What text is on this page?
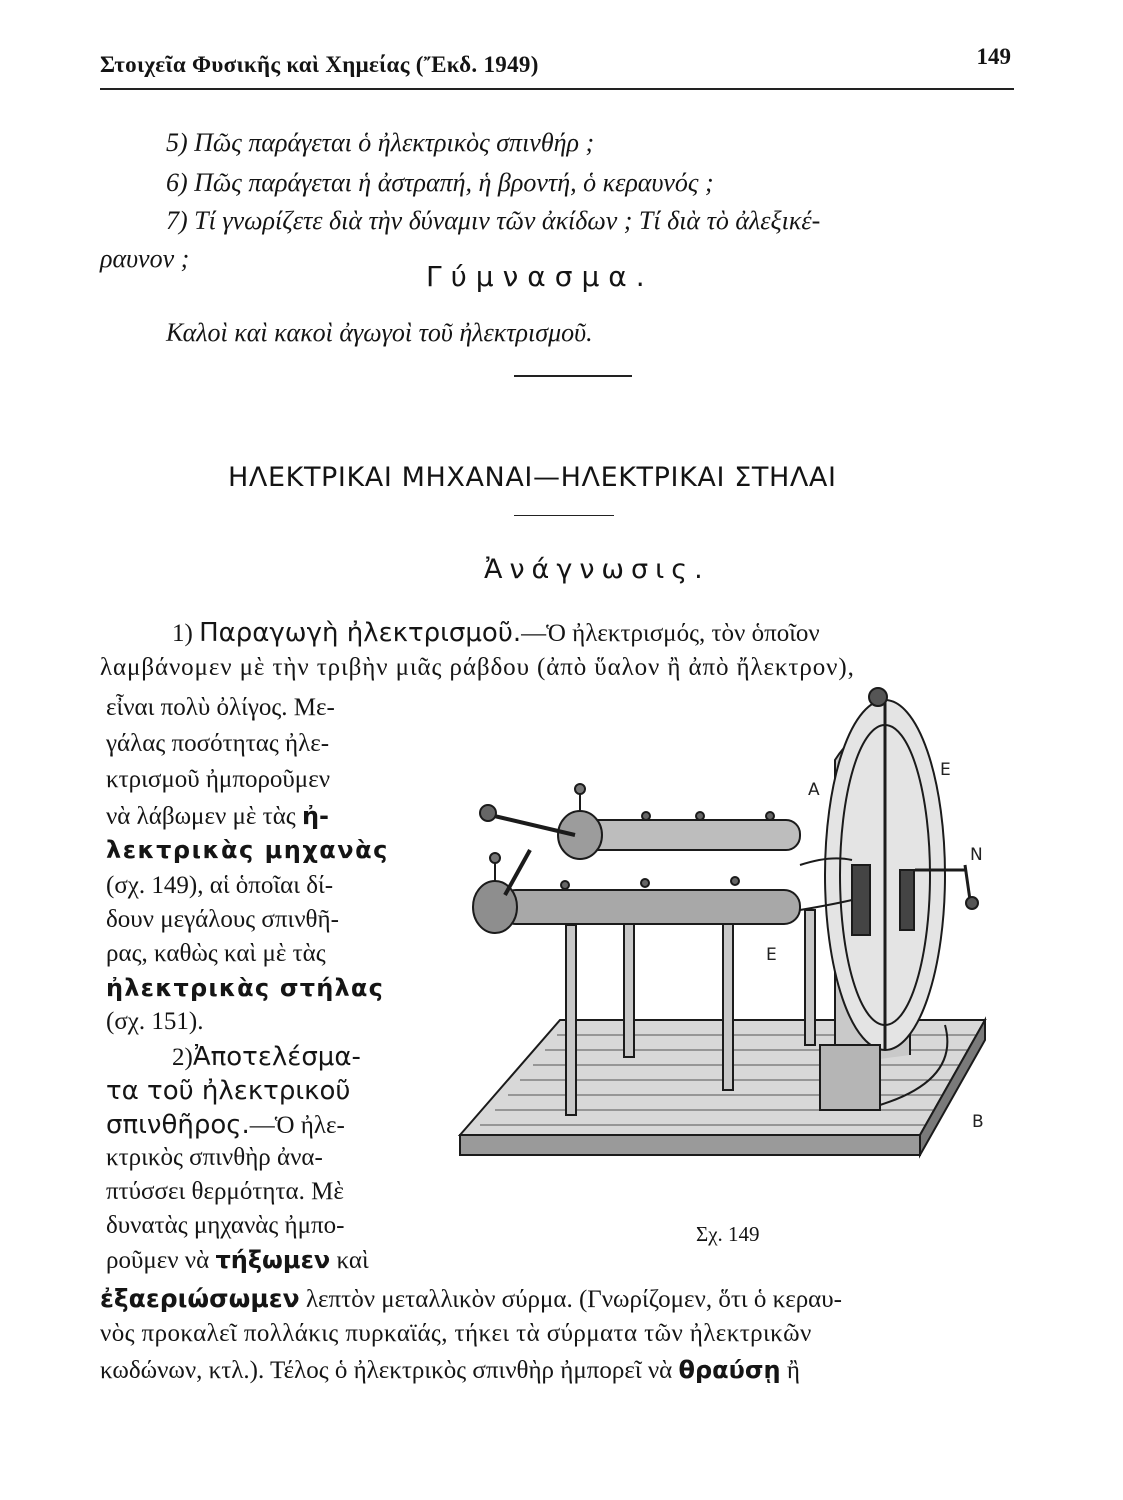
Στοιχεῖα Φυσικῆς καὶ Χημείας (Ἔκδ. 1949)	149
5) Πῶς παράγεται ὁ ἠλεκτρικὸς σπινθήρ ;
6) Πῶς παράγεται ἡ ἀστραπή, ἡ βροντή, ὁ κεραυνός ;
7) Τί γνωρίζετε διὰ τὴν δύναμιν τῶν ἀκίδων ; Τί διὰ τὸ ἀλεξικέ-
ραυνον ;
Γύμνασμα.
Καλοὶ καὶ κακοὶ ἀγωγοὶ τοῦ ἠλεκτρισμοῦ.
ΗΛΕΚΤΡΙΚΑΙ ΜΗΧΑΝΑΙ—ΗΛΕΚΤΡΙΚΑΙ ΣΤΗΛΑΙ
Ἀνάγνωσις.
1) Παραγωγὴ ἠλεκτρισμοῦ.—Ὁ ἠλεκτρισμός, τὸν ὁποῖον
λαμβάνομεν μὲ τὴν τριβὴν μιᾶς ράβδου (ἀπὸ ὕαλον ἢ ἀπὸ ἤλεκτρον),
εἶναι πολὺ ὀλίγος. Με-
γάλας ποσότητας ἠλε-
κτρισμοῦ ἠμποροῦμεν
νὰ λάβωμεν μὲ τὰς ἠ-
λεκτρικὰς μηχανὰς
(σχ. 149), αἱ ὁποῖαι δί-
δουν μεγάλους σπινθῆ-
ρας, καθὼς καὶ μὲ τὰς
ἠλεκτρικὰς στήλας
(σχ. 151).
2)Ἀποτελέσμα-
τα τοῦ ἠλεκτρικοῦ
σπινθῆρος.—Ὁ ἠλε-
κτρικὸς σπινθὴρ ἀνα-
πτύσσει θερμότητα. Μὲ
δυνατὰς μηχανὰς ἠμπο-
ροῦμεν νὰ τήξωμεν καὶ
ἐξαεριώσωμεν λεπτὸν μεταλλικὸν σύρμα. (Γνωρίζομεν, ὅτι ὁ κεραυ-
νὸς προκαλεῖ πολλάκις πυρκαϊάς, τήκει τὰ σύρματα τῶν ἠλεκτρικῶν
κωδώνων, κτλ.). Τέλος ὁ ἠλεκτρικὸς σπινθὴρ ἠμπορεῖ νὰ θραύσῃ ἢ
A
E
N
E
B
Σχ. 149
